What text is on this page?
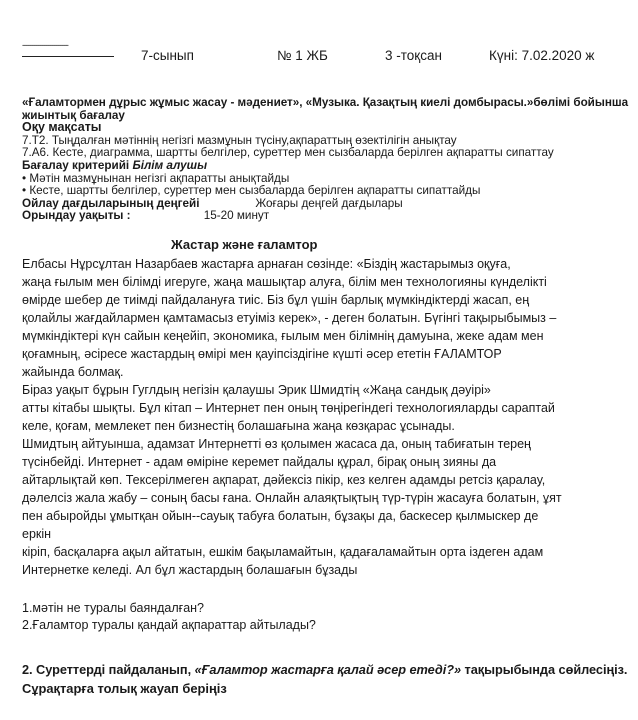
-----------------------
7-сынып	№ 1 ЖБ	3 -тоқсан	Күні: 7.02.2020 ж
«Ғаламтормен дұрыс жұмыс жасау - мәдениет», «Музыка. Қазақтың киелі домбырасы.»бөлімі бойынша
жиынтық бағалау
Оқу мақсаты
7.Т2. Тыңдалған мәтіннің негізгі мазмұнын түсіну,ақпараттың өзектілігін анықтау
7.А6. Кесте, диаграмма, шартты белгілер, суреттер мен сызбаларда берілген ақпаратты сипаттау
Бағалау критерийі Білім алушы
• Мәтін мазмұнынан негізгі ақпаратты анықтайды
• Кесте, шартты белгілер, суреттер мен сызбаларда берілген ақпаратты сипаттайды
Ойлау дағдыларының деңгейі	Жоғары деңгей дағдылары
Орындау уақыты :	15-20 минут
Жастар және ғаламтор
Елбасы Нұрсұлтан Назарбаев жастарға арнаған сөзінде: «Біздің жастарымыз оқуға,
жаңа ғылым мен білімді игеруге, жаңа машықтар алуға, білім мен технологияны күнделікті
өмірде шебер де тиімді пайдалануға тиіс. Біз бұл үшін барлық мүмкіндіктерді жасап, ең
қолайлы жағдайлармен қамтамасыз етуіміз керек», - деген болатын. Бүгінгі тақырыбымыз –
мүмкіндіктері күн сайын кеңейіп, экономика, ғылым мен білімнің дамуына, жеке адам мен
қоғамның, әсіресе жастардың өмірі мен қауіпсіздігіне күшті әсер ететін ҒАЛАМТОР
жайында болмақ.
Біраз уақыт бұрын Гуглдың негізін қалаушы Эрик Шмидтің «Жаңа сандық дәуірі»
атты кітабы шықты. Бұл кітап – Интернет пен оның төңірегіндегі технологияларды сараптай
келе, қоғам, мемлекет пен бизнестің болашағына жаңа көзқарас ұсынады.
Шмидтың айтуынша, адамзат Интернетті өз қолымен жасаса да, оның табиғатын терең
түсінбейді. Интернет - адам өміріне керемет пайдалы құрал, бірақ оның зияны да
айтарлықтай көп. Тексерілмеген ақпарат, дәйексіз пікір, кез келген адамды ретсіз қаралау,
дәлелсіз жала жабу – соның басы ғана. Онлайн алаяқтықтың түр-түрін жасауға болатын, ұят
пен абыройды ұмытқан ойын--сауық табуға болатын, бұзақы да, баскесер қылмыскер де
еркін
кіріп, басқаларға ақыл айтатын, ешкім бақыламайтын, қадағаламайтын орта іздеген адам
Интернетке келеді. Ал бұл жастардың болашағын бұзады
1.мәтін не туралы баяндалған?
2.Ғаламтор туралы қандай ақпараттар айтылады?
2. Суреттерді пайдаланып, «Ғаламтор жастарға қалай әсер етеді?» тақырыбында сөйлесіңіз.
Сұрақтарға толық жауап беріңіз
